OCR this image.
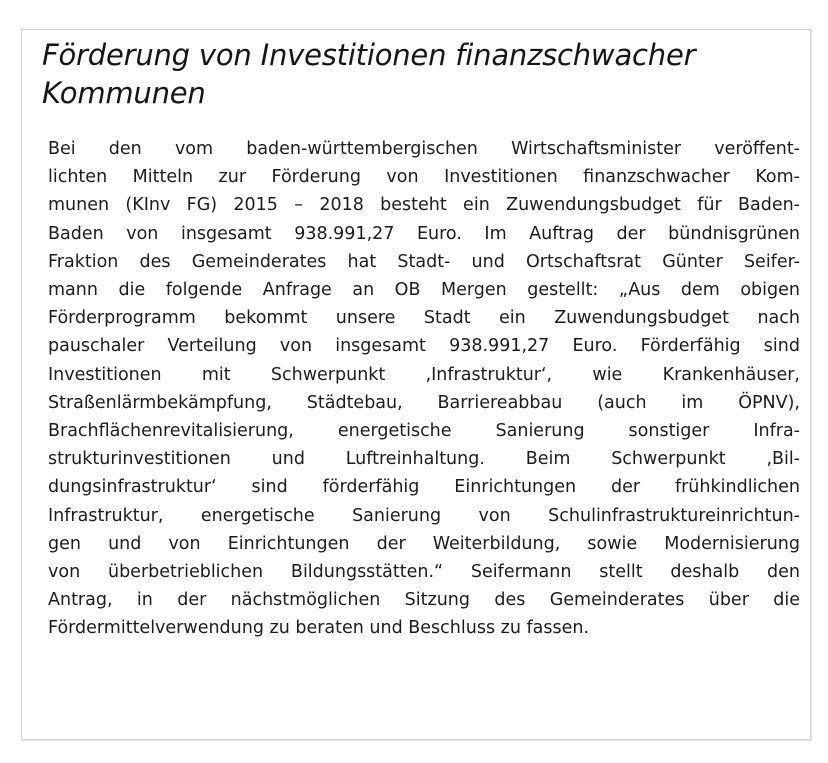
Förderung von Investitionen finanzschwacher
Kommunen
Bei den vom baden-württembergischen Wirtschaftsminister veröffent-
lichten Mitteln zur Förderung von Investitionen finanzschwacher Kom-
munen (KInv FG) 2015 – 2018 besteht ein Zuwendungsbudget für Baden-
Baden von insgesamt 938.991,27 Euro. Im Auftrag der bündnisgrünen
Fraktion des Gemeinderates hat Stadt- und Ortschaftsrat Günter Seifer-
mann die folgende Anfrage an OB Mergen gestellt: „Aus dem obigen
Förderprogramm bekommt unsere Stadt ein Zuwendungsbudget nach
pauschaler Verteilung von insgesamt 938.991,27 Euro. Förderfähig sind
Investitionen mit Schwerpunkt ‚Infrastruktur‘, wie Krankenhäuser,
Straßenlärmbekämpfung, Städtebau, Barriereabbau (auch im ÖPNV),
Brachflächenrevitalisierung, energetische Sanierung sonstiger Infra-
strukturinvestitionen und Luftreinhaltung. Beim Schwerpunkt ‚Bil-
dungsinfrastruktur‘ sind förderfähig Einrichtungen der frühkindlichen
Infrastruktur, energetische Sanierung von Schulinfrastruktureinrichtun-
gen und von Einrichtungen der Weiterbildung, sowie Modernisierung
von überbetrieblichen Bildungsstätten.“ Seifermann stellt deshalb den
Antrag, in der nächstmöglichen Sitzung des Gemeinderates über die
Fördermittelverwendung zu beraten und Beschluss zu fassen.
